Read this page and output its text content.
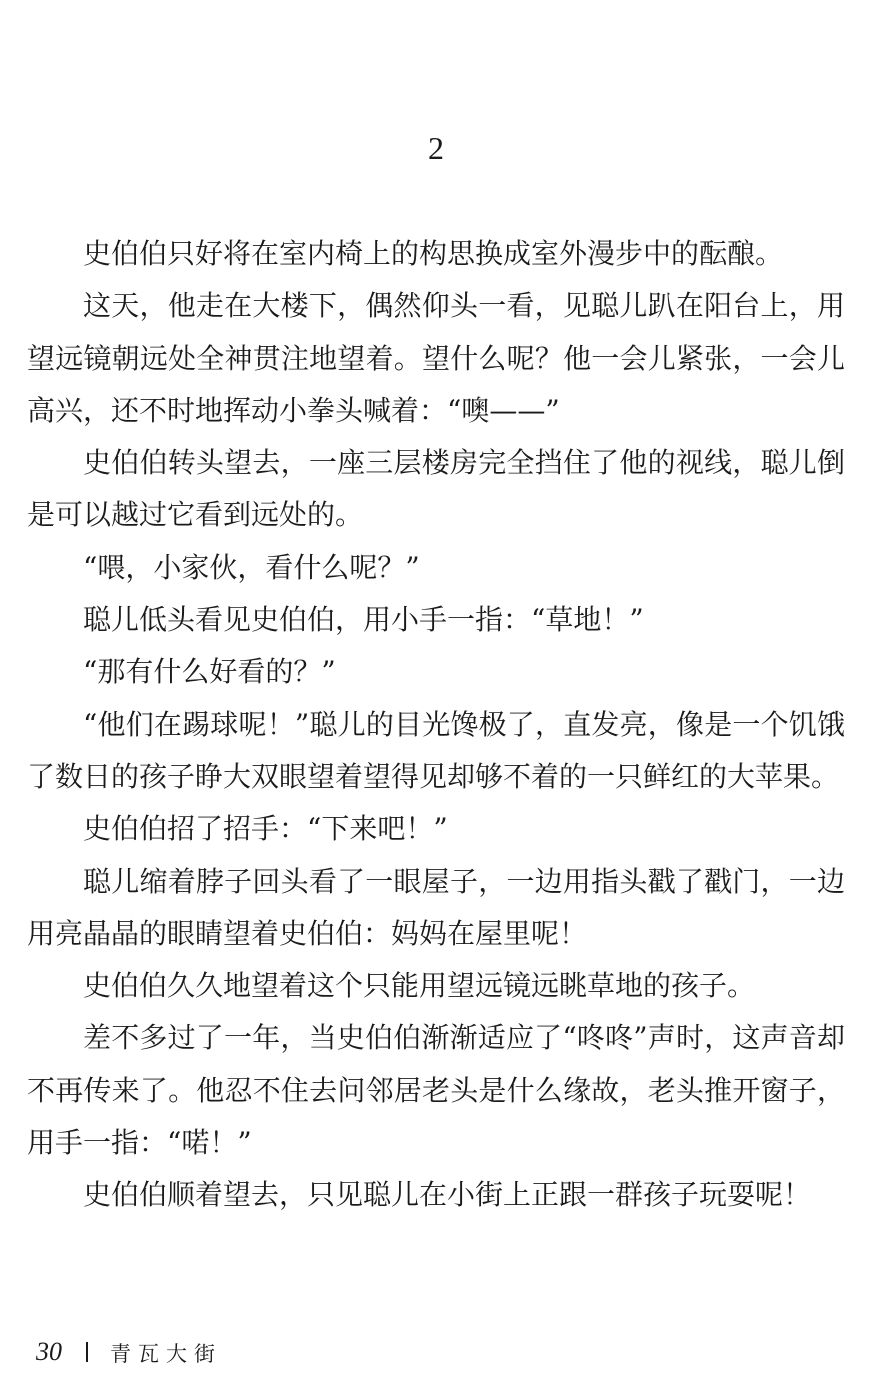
2

史伯伯只好将在室内椅上的构思换成室外漫步中的酝酿。

这天，他走在大楼下，偶然仰头一看，见聪儿趴在阳台上，用望远镜朝远处全神贯注地望着。望什么呢？他一会儿紧张，一会儿高兴，还不时地挥动小拳头喊着：“噢——”

史伯伯转头望去，一座三层楼房完全挡住了他的视线，聪儿倒是可以越过它看到远处的。

“喂，小家伙，看什么呢？”

聪儿低头看见史伯伯，用小手一指：“草地！”

“那有什么好看的？”

“他们在踢球呢！”聪儿的目光馋极了，直发亮，像是一个饥饿了数日的孩子睁大双眼望着望得见却够不着的一只鲜红的大苹果。

史伯伯招了招手：“下来吧！”

聪儿缩着脖子回头看了一眼屋子，一边用指头戳了戳门，一边用亮晶晶的眼睛望着史伯伯：妈妈在屋里呢！

史伯伯久久地望着这个只能用望远镜远眺草地的孩子。

差不多过了一年，当史伯伯渐渐适应了“咚咚”声时，这声音却不再传来了。他忍不住去问邻居老头是什么缘故，老头推开窗子，用手一指：“喏！”

史伯伯顺着望去，只见聪儿在小街上正跟一群孩子玩耍呢！

30 青瓦大街
